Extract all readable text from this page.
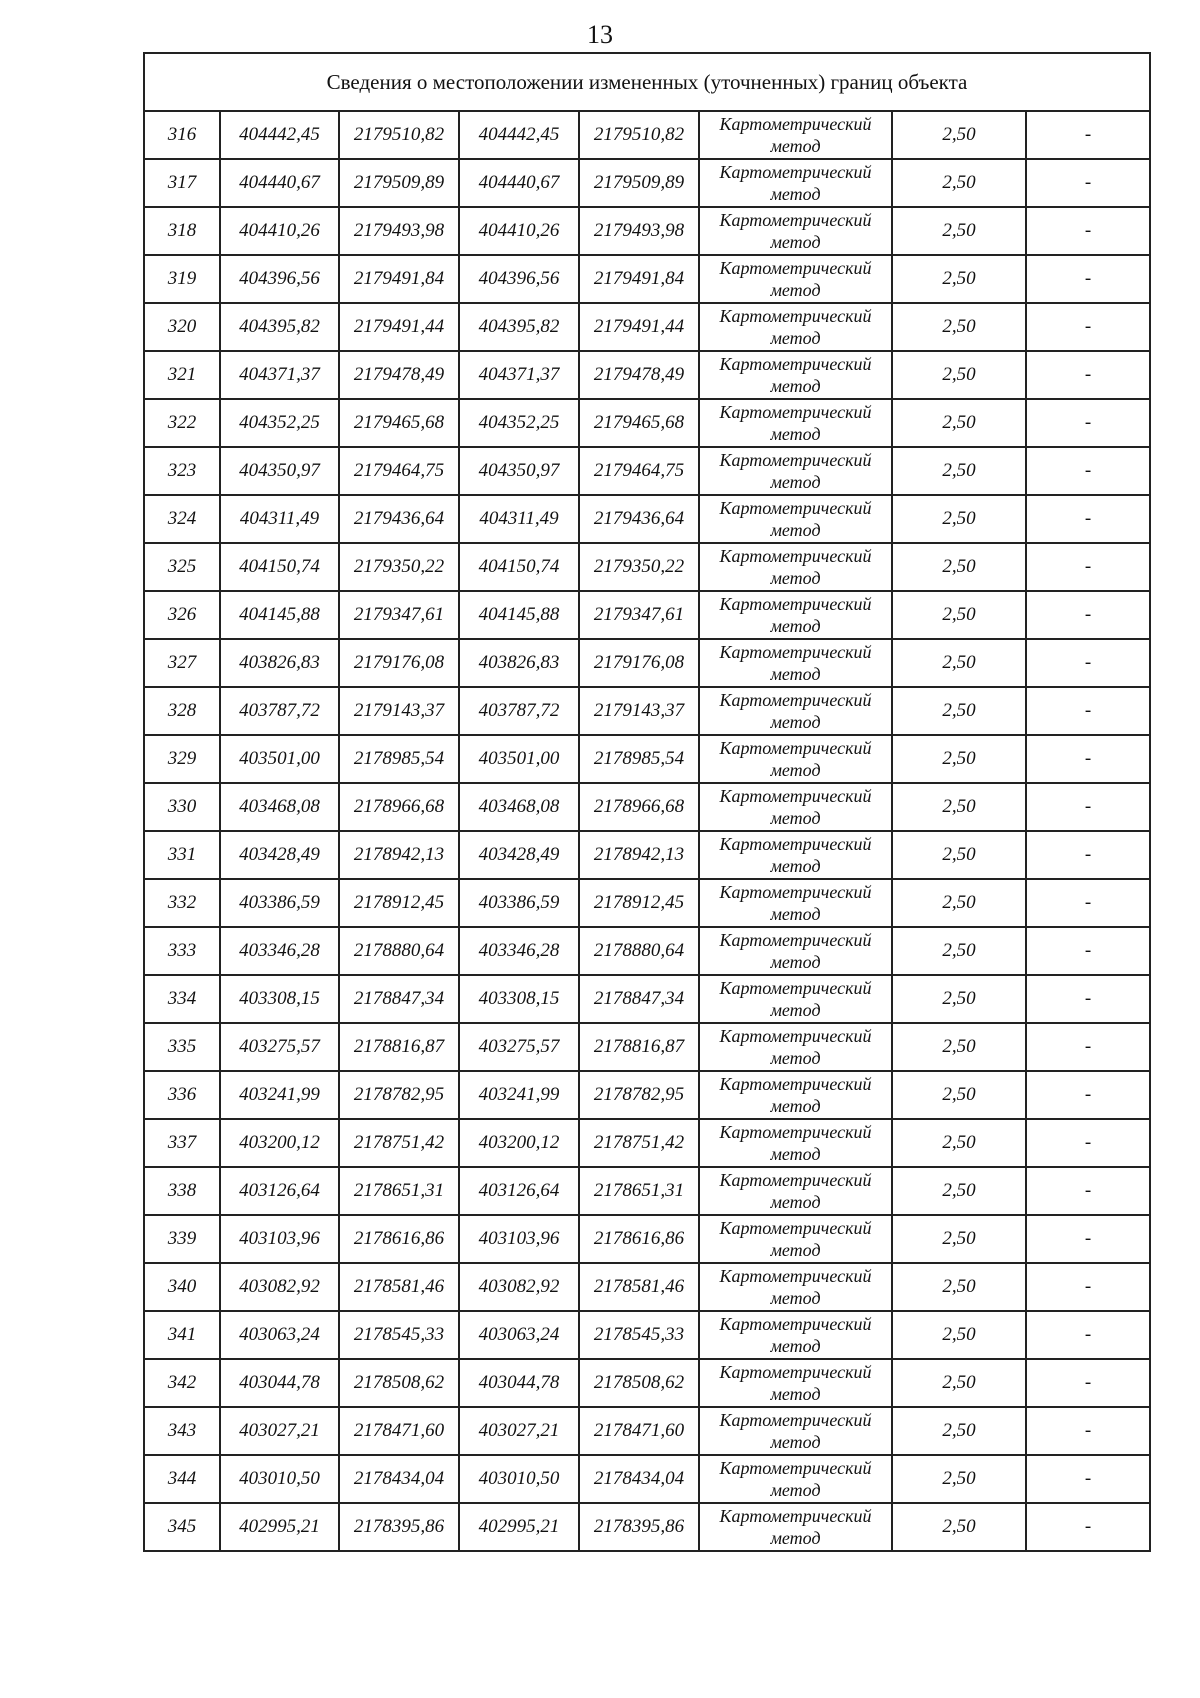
13
Сведения о местоположении измененных (уточненных) границ объекта							
316	404442,45	2179510,82	404442,45	2179510,82	Картометрический метод	2,50	-
317	404440,67	2179509,89	404440,67	2179509,89	Картометрический метод	2,50	-
318	404410,26	2179493,98	404410,26	2179493,98	Картометрический метод	2,50	-
319	404396,56	2179491,84	404396,56	2179491,84	Картометрический метод	2,50	-
320	404395,82	2179491,44	404395,82	2179491,44	Картометрический метод	2,50	-
321	404371,37	2179478,49	404371,37	2179478,49	Картометрический метод	2,50	-
322	404352,25	2179465,68	404352,25	2179465,68	Картометрический метод	2,50	-
323	404350,97	2179464,75	404350,97	2179464,75	Картометрический метод	2,50	-
324	404311,49	2179436,64	404311,49	2179436,64	Картометрический метод	2,50	-
325	404150,74	2179350,22	404150,74	2179350,22	Картометрический метод	2,50	-
326	404145,88	2179347,61	404145,88	2179347,61	Картометрический метод	2,50	-
327	403826,83	2179176,08	403826,83	2179176,08	Картометрический метод	2,50	-
328	403787,72	2179143,37	403787,72	2179143,37	Картометрический метод	2,50	-
329	403501,00	2178985,54	403501,00	2178985,54	Картометрический метод	2,50	-
330	403468,08	2178966,68	403468,08	2178966,68	Картометрический метод	2,50	-
331	403428,49	2178942,13	403428,49	2178942,13	Картометрический метод	2,50	-
332	403386,59	2178912,45	403386,59	2178912,45	Картометрический метод	2,50	-
333	403346,28	2178880,64	403346,28	2178880,64	Картометрический метод	2,50	-
334	403308,15	2178847,34	403308,15	2178847,34	Картометрический метод	2,50	-
335	403275,57	2178816,87	403275,57	2178816,87	Картометрический метод	2,50	-
336	403241,99	2178782,95	403241,99	2178782,95	Картометрический метод	2,50	-
337	403200,12	2178751,42	403200,12	2178751,42	Картометрический метод	2,50	-
338	403126,64	2178651,31	403126,64	2178651,31	Картометрический метод	2,50	-
339	403103,96	2178616,86	403103,96	2178616,86	Картометрический метод	2,50	-
340	403082,92	2178581,46	403082,92	2178581,46	Картометрический метод	2,50	-
341	403063,24	2178545,33	403063,24	2178545,33	Картометрический метод	2,50	-
342	403044,78	2178508,62	403044,78	2178508,62	Картометрический метод	2,50	-
343	403027,21	2178471,60	403027,21	2178471,60	Картометрический метод	2,50	-
344	403010,50	2178434,04	403010,50	2178434,04	Картометрический метод	2,50	-
345	402995,21	2178395,86	402995,21	2178395,86	Картометрический метод	2,50	-
